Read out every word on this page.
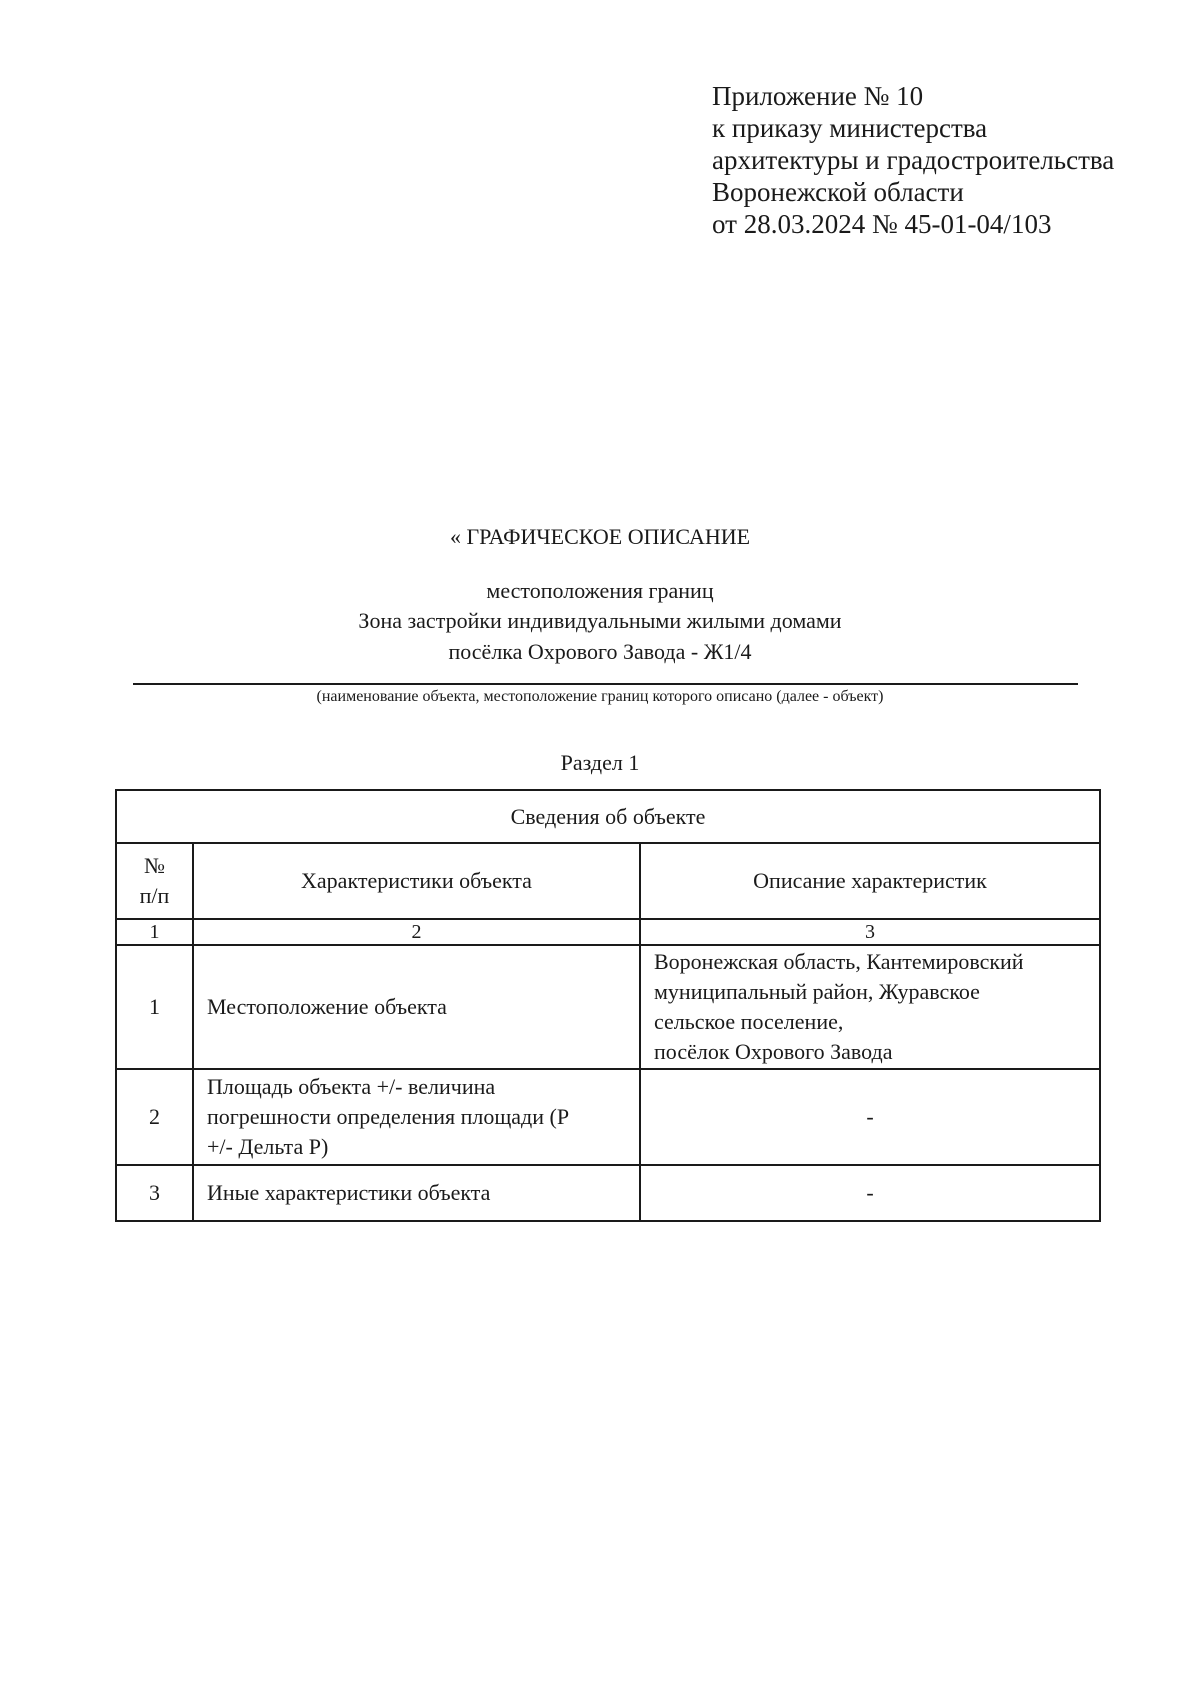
Приложение № 10
к приказу министерства
архитектуры и градостроительства
Воронежской области
от 28.03.2024 № 45-01-04/103
« ГРАФИЧЕСКОЕ ОПИСАНИЕ
местоположения границ
Зона застройки индивидуальными жилыми домами
посёлка Охрового Завода - Ж1/4
(наименование объекта, местоположение границ которого описано (далее - объект)
Раздел 1
Сведения об объекте		

№
п/п	Характеристики объекта	Описание характеристик
1	2	3
1	Местоположение объекта	Воронежская область, Кантемировский
муниципальный район, Журавское
сельское поселение,
посёлок Охрового Завода

2	Площадь объекта +/- величина
погрешности определения площади (Р
+/- Дельта Р)	-
3	Иные характеристики объекта	-
